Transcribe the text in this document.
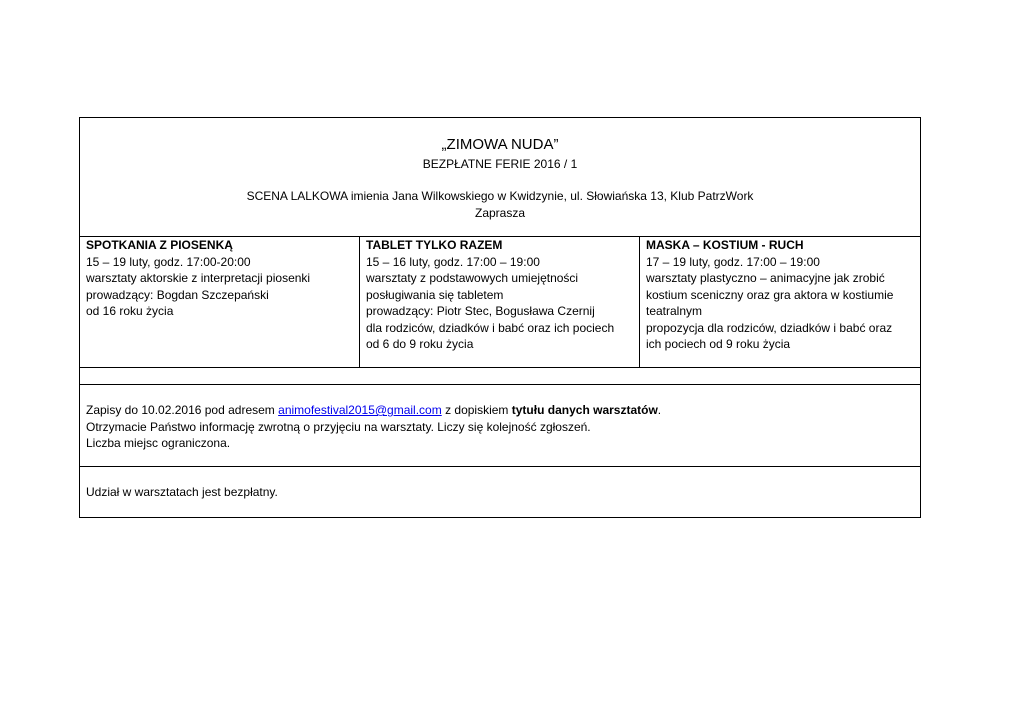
„ZIMOWA NUDA”
BEZPŁATNE FERIE 2016 / 1
SCENA LALKOWA imienia Jana Wilkowskiego w Kwidzynie, ul. Słowiańska 13, Klub PatrzWork
Zaprasza
SPOTKANIA Z PIOSENKĄ
15 – 19 luty, godz. 17:00-20:00
warsztaty aktorskie z interpretacji piosenki
prowadzący: Bogdan Szczepański
od 16 roku życia
TABLET TYLKO RAZEM
15 – 16 luty, godz. 17:00 – 19:00
warsztaty z podstawowych umiejętności
posługiwania się tabletem
prowadzący: Piotr Stec, Bogusława Czernij
dla rodziców, dziadków i babć oraz ich pociech
od 6 do 9 roku życia
MASKA – KOSTIUM - RUCH
17 – 19 luty, godz. 17:00 – 19:00
warsztaty plastyczno – animacyjne jak zrobić
kostium sceniczny oraz gra aktora w kostiumie
teatralnym
propozycja dla rodziców, dziadków i babć oraz
ich pociech od 9 roku życia
Zapisy do 10.02.2016 pod adresem animofestival2015@gmail.com z dopiskiem tytułu danych warsztatów.
Otrzymacie Państwo informację zwrotną o przyjęciu na warsztaty. Liczy się kolejność zgłoszeń.
Liczba miejsc ograniczona.
Udział w warsztatach jest bezpłatny.
